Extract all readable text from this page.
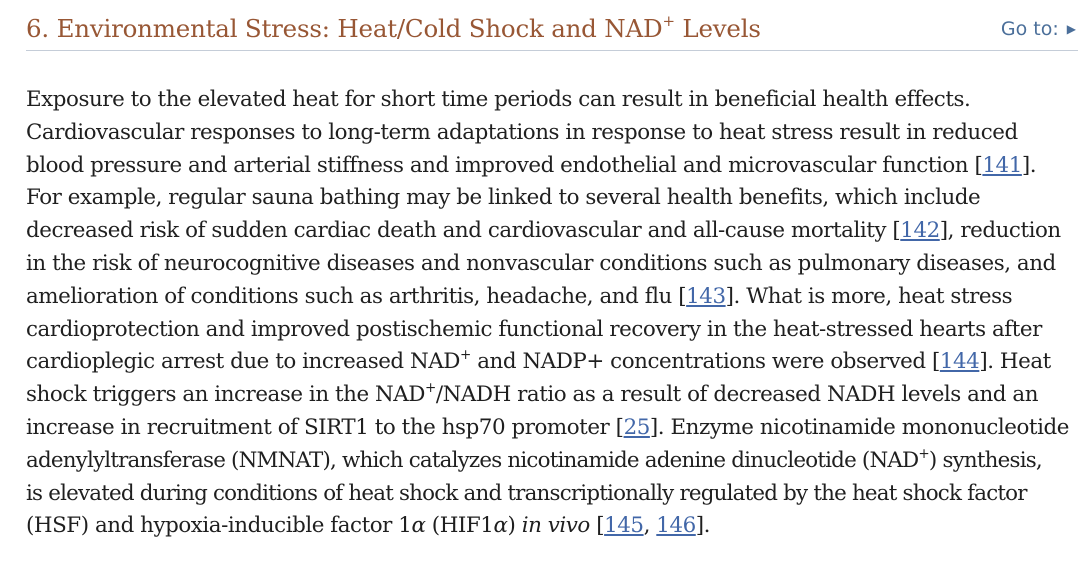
6. Environmental Stress: Heat/Cold Shock and NAD+ Levels	Go to: ▶
Exposure to the elevated heat for short time periods can result in beneficial health effects.
Cardiovascular responses to long-term adaptations in response to heat stress result in reduced
blood pressure and arterial stiffness and improved endothelial and microvascular function [141].
For example, regular sauna bathing may be linked to several health benefits, which include
decreased risk of sudden cardiac death and cardiovascular and all-cause mortality [142], reduction
in the risk of neurocognitive diseases and nonvascular conditions such as pulmonary diseases, and
amelioration of conditions such as arthritis, headache, and flu [143]. What is more, heat stress
cardioprotection and improved postischemic functional recovery in the heat-stressed hearts after
cardioplegic arrest due to increased NAD+ and NADP+ concentrations were observed [144]. Heat
shock triggers an increase in the NAD+/NADH ratio as a result of decreased NADH levels and an
increase in recruitment of SIRT1 to the hsp70 promoter [25]. Enzyme nicotinamide mononucleotide
adenylyltransferase (NMNAT), which catalyzes nicotinamide adenine dinucleotide (NAD+) synthesis,
is elevated during conditions of heat shock and transcriptionally regulated by the heat shock factor
(HSF) and hypoxia-inducible factor 1α (HIF1α) in vivo [145, 146].
